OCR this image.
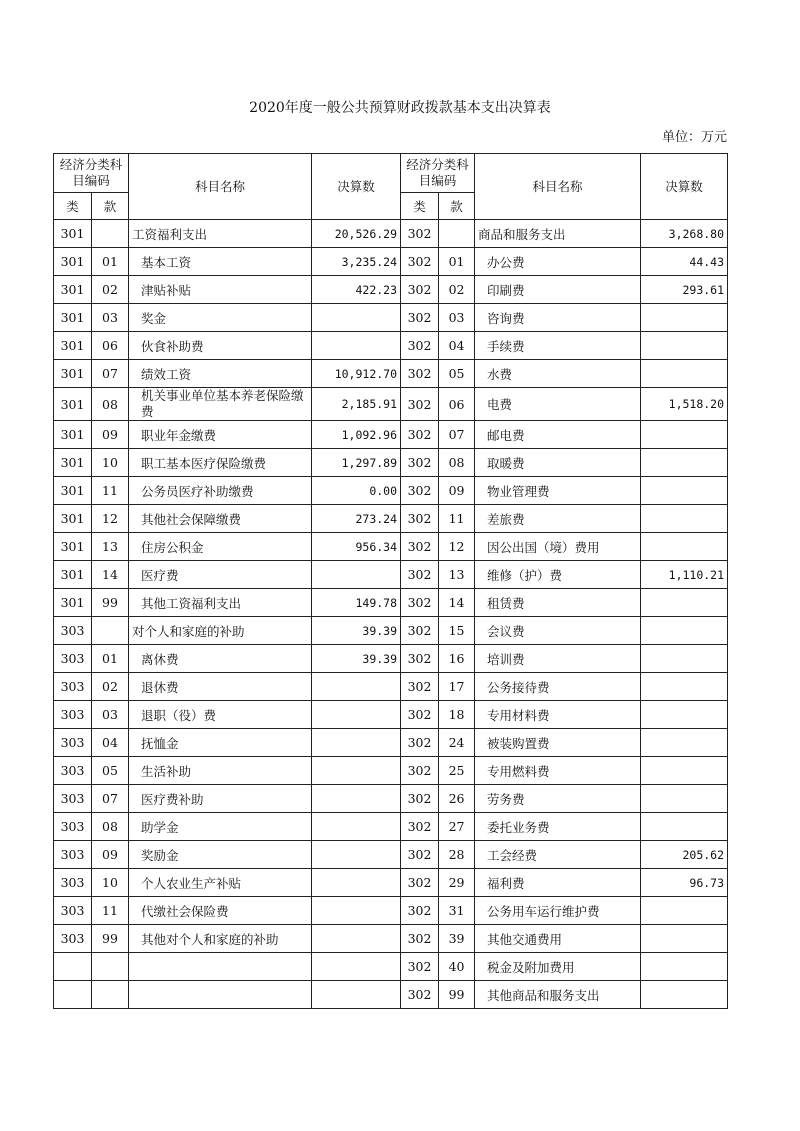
2020年度一般公共预算财政拨款基本支出决算表
单位：万元
经济分类科目编码		科目名称	决算数	经济分类科目编码		科目名称	决算数
类	款			类	款		
301		工资福利支出	20,526.29	302		商品和服务支出	3,268.80
301	01	基本工资	3,235.24	302	01	办公费	44.43
301	02	津贴补贴	422.23	302	02	印刷费	293.61
301	03	奖金		302	03	咨询费	
301	06	伙食补助费		302	04	手续费	
301	07	绩效工资	10,912.70	302	05	水费	
301	08	机关事业单位基本养老保险缴费	2,185.91	302	06	电费	1,518.20
301	09	职业年金缴费	1,092.96	302	07	邮电费	
301	10	职工基本医疗保险缴费	1,297.89	302	08	取暖费	
301	11	公务员医疗补助缴费	0.00	302	09	物业管理费	
301	12	其他社会保障缴费	273.24	302	11	差旅费	
301	13	住房公积金	956.34	302	12	因公出国（境）费用	
301	14	医疗费		302	13	维修（护）费	1,110.21
301	99	其他工资福利支出	149.78	302	14	租赁费	
303		对个人和家庭的补助	39.39	302	15	会议费	
303	01	离休费	39.39	302	16	培训费	
303	02	退休费		302	17	公务接待费	
303	03	退职（役）费		302	18	专用材料费	
303	04	抚恤金		302	24	被装购置费	
303	05	生活补助		302	25	专用燃料费	
303	07	医疗费补助		302	26	劳务费	
303	08	助学金		302	27	委托业务费	
303	09	奖励金		302	28	工会经费	205.62
303	10	个人农业生产补贴		302	29	福利费	96.73
303	11	代缴社会保险费		302	31	公务用车运行维护费	
303	99	其他对个人和家庭的补助		302	39	其他交通费用	
				302	40	税金及附加费用	
				302	99	其他商品和服务支出	
